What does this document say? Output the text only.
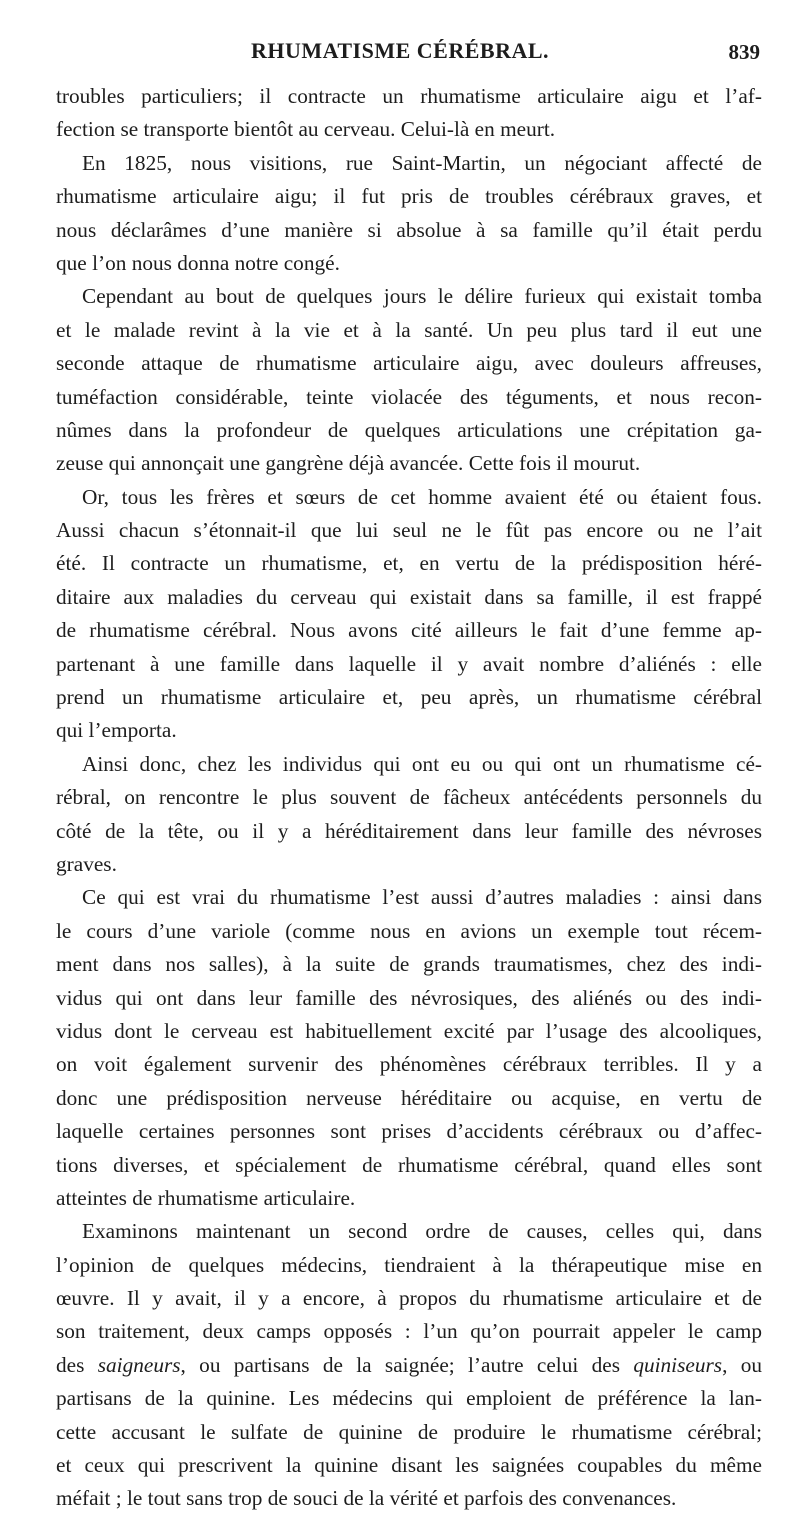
RHUMATISME CÉRÉBRAL.	839
troubles particuliers; il contracte un rhumatisme articulaire aigu et l’af-
fection se transporte bientôt au cerveau. Celui-là en meurt.
En 1825, nous visitions, rue Saint-Martin, un négociant affecté de
rhumatisme articulaire aigu; il fut pris de troubles cérébraux graves, et
nous déclarâmes d’une manière si absolue à sa famille qu’il était perdu
que l’on nous donna notre congé.
Cependant au bout de quelques jours le délire furieux qui existait tomba
et le malade revint à la vie et à la santé. Un peu plus tard il eut une
seconde attaque de rhumatisme articulaire aigu, avec douleurs affreuses,
tuméfaction considérable, teinte violacée des téguments, et nous recon-
nûmes dans la profondeur de quelques articulations une crépitation ga-
zeuse qui annonçait une gangrène déjà avancée. Cette fois il mourut.
Or, tous les frères et sœurs de cet homme avaient été ou étaient fous.
Aussi chacun s’étonnait-il que lui seul ne le fût pas encore ou ne l’ait
été. Il contracte un rhumatisme, et, en vertu de la prédisposition héré-
ditaire aux maladies du cerveau qui existait dans sa famille, il est frappé
de rhumatisme cérébral. Nous avons cité ailleurs le fait d’une femme ap-
partenant à une famille dans laquelle il y avait nombre d’aliénés : elle
prend un rhumatisme articulaire et, peu après, un rhumatisme cérébral
qui l’emporta.
Ainsi donc, chez les individus qui ont eu ou qui ont un rhumatisme cé-
rébral, on rencontre le plus souvent de fâcheux antécédents personnels du
côté de la tête, ou il y a héréditairement dans leur famille des névroses
graves.
Ce qui est vrai du rhumatisme l’est aussi d’autres maladies : ainsi dans
le cours d’une variole (comme nous en avions un exemple tout récem-
ment dans nos salles), à la suite de grands traumatismes, chez des indi-
vidus qui ont dans leur famille des névrosiques, des aliénés ou des indi-
vidus dont le cerveau est habituellement excité par l’usage des alcooliques,
on voit également survenir des phénomènes cérébraux terribles. Il y a
donc une prédisposition nerveuse héréditaire ou acquise, en vertu de
laquelle certaines personnes sont prises d’accidents cérébraux ou d’affec-
tions diverses, et spécialement de rhumatisme cérébral, quand elles sont
atteintes de rhumatisme articulaire.
Examinons maintenant un second ordre de causes, celles qui, dans
l’opinion de quelques médecins, tiendraient à la thérapeutique mise en
œuvre. Il y avait, il y a encore, à propos du rhumatisme articulaire et de
son traitement, deux camps opposés : l’un qu’on pourrait appeler le camp
des saigneurs, ou partisans de la saignée; l’autre celui des quiniseurs, ou
partisans de la quinine. Les médecins qui emploient de préférence la lan-
cette accusant le sulfate de quinine de produire le rhumatisme cérébral;
et ceux qui prescrivent la quinine disant les saignées coupables du même
méfait ; le tout sans trop de souci de la vérité et parfois des convenances.
